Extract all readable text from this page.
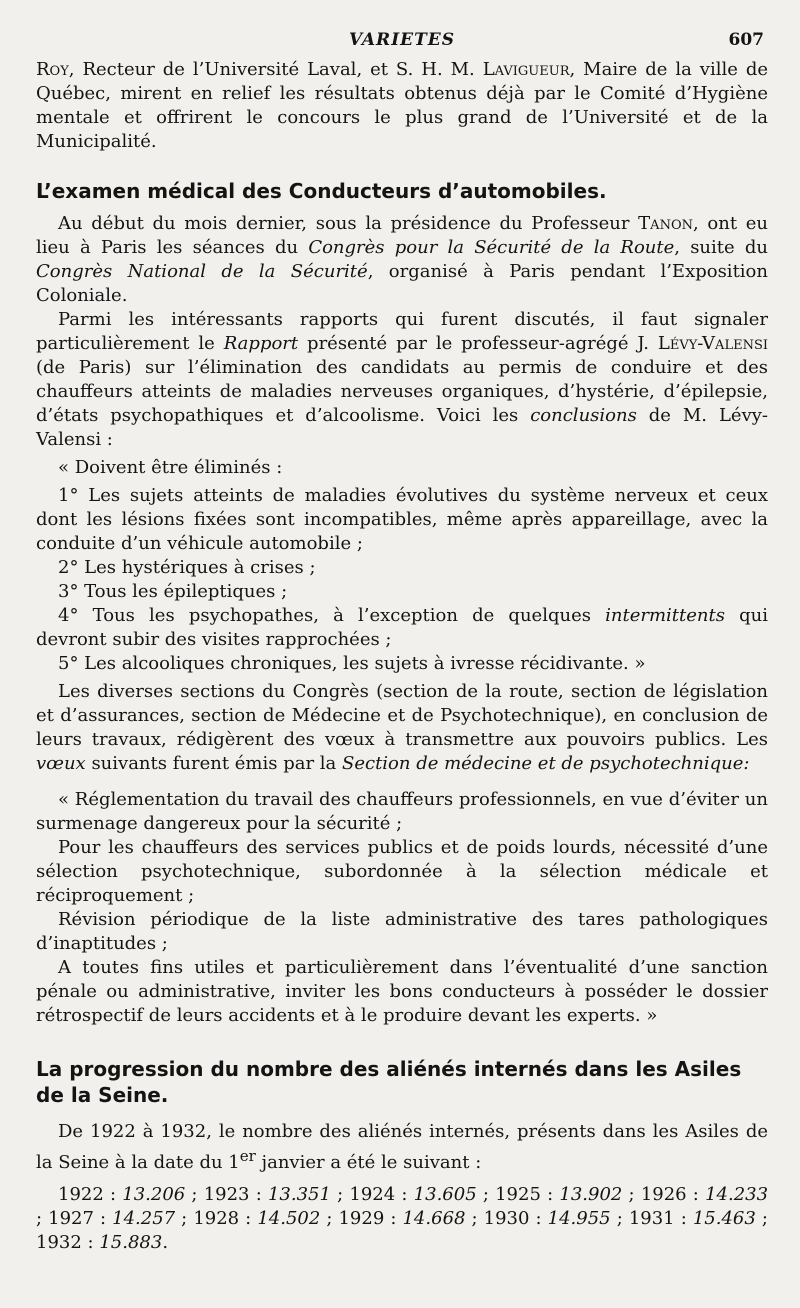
VARIETES	607

Roy, Recteur de l’Université Laval, et S. H. M. Lavigueur, Maire de la ville de Québec, mirent en relief les résultats obtenus déjà par le Comité d’Hygiène mentale et offrirent le concours le plus grand de l’Université et de la Municipalité.

L’examen médical des Conducteurs d’automobiles.

Au début du mois dernier, sous la présidence du Professeur Tanon, ont eu lieu à Paris les séances du Congrès pour la Sécurité de la Route, suite du Congrès National de la Sécurité, organisé à Paris pendant l’Exposition Coloniale.

Parmi les intéressants rapports qui furent discutés, il faut signaler particulièrement le Rapport présenté par le professeur-agrégé J. Lévy-Valensi (de Paris) sur l’élimination des candidats au permis de conduire et des chauffeurs atteints de maladies nerveuses organiques, d’hystérie, d’épilepsie, d’états psychopathiques et d’alcoolisme. Voici les conclusions de M. Lévy-Valensi :

« Doivent être éliminés :

1° Les sujets atteints de maladies évolutives du système nerveux et ceux dont les lésions fixées sont incompatibles, même après appareillage, avec la conduite d’un véhicule automobile ;

2° Les hystériques à crises ;

3° Tous les épileptiques ;

4° Tous les psychopathes, à l’exception de quelques intermittents qui devront subir des visites rapprochées ;

5° Les alcooliques chroniques, les sujets à ivresse récidivante. »

Les diverses sections du Congrès (section de la route, section de législation et d’assurances, section de Médecine et de Psychotechnique), en conclusion de leurs travaux, rédigèrent des vœux à transmettre aux pouvoirs publics. Les vœux suivants furent émis par la Section de médecine et de psychotechnique:

« Réglementation du travail des chauffeurs professionnels, en vue d’éviter un surmenage dangereux pour la sécurité ;

Pour les chauffeurs des services publics et de poids lourds, nécessité d’une sélection psychotechnique, subordonnée à la sélection médicale et réciproquement ;

Révision périodique de la liste administrative des tares pathologiques d’inaptitudes ;

A toutes fins utiles et particulièrement dans l’éventualité d’une sanction pénale ou administrative, inviter les bons conducteurs à posséder le dossier rétrospectif de leurs accidents et à le produire devant les experts. »

La progression du nombre des aliénés internés dans les Asiles de la Seine.

De 1922 à 1932, le nombre des aliénés internés, présents dans les Asiles de la Seine à la date du 1er janvier a été le suivant :

1922 : 13.206 ; 1923 : 13.351 ; 1924 : 13.605 ; 1925 : 13.902 ; 1926 : 14.233 ; 1927 : 14.257 ; 1928 : 14.502 ; 1929 : 14.668 ; 1930 : 14.955 ; 1931 : 15.463 ; 1932 : 15.883.
